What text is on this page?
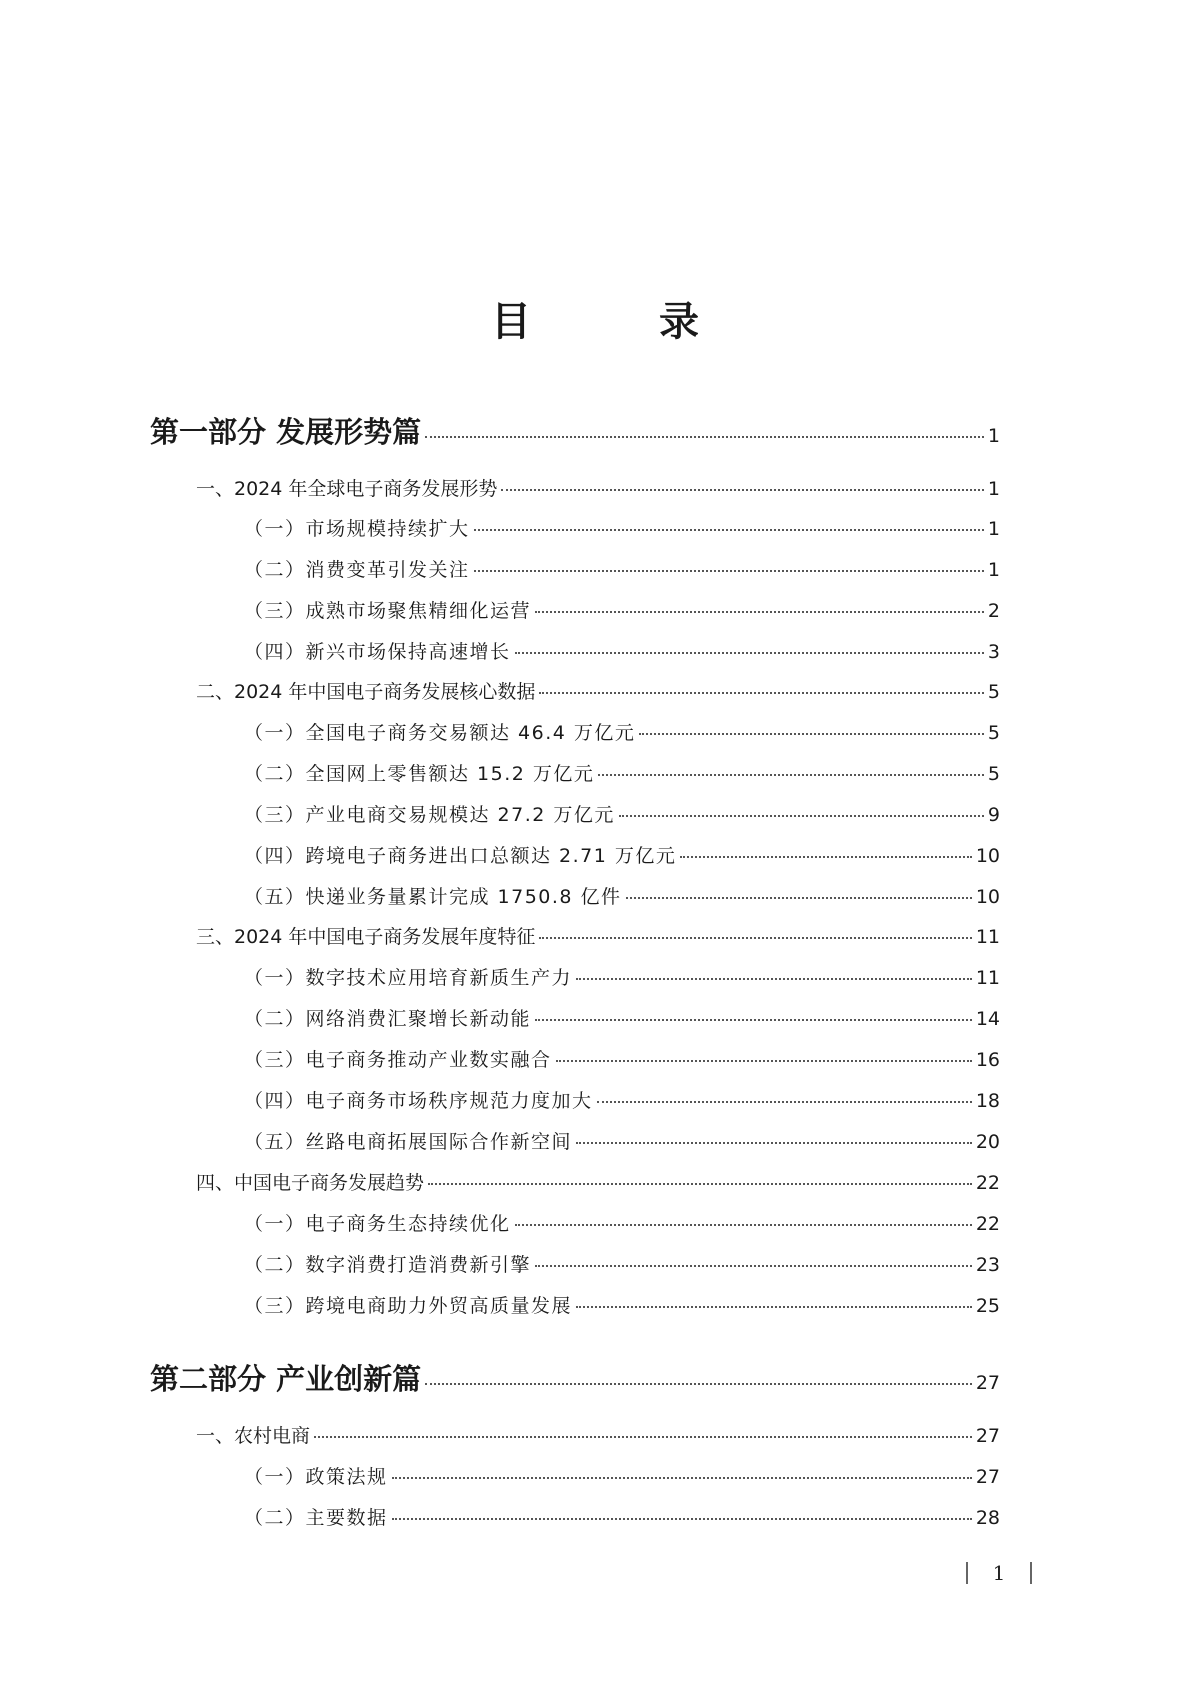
目　录
第一部分 发展形势篇	1
一、2024 年全球电子商务发展形势	1
（一）市场规模持续扩大	1
（二）消费变革引发关注	1
（三）成熟市场聚焦精细化运营	2
（四）新兴市场保持高速增长	3
二、2024 年中国电子商务发展核心数据	5
（一）全国电子商务交易额达 46.4 万亿元	5
（二）全国网上零售额达 15.2 万亿元	5
（三）产业电商交易规模达 27.2 万亿元	9
（四）跨境电子商务进出口总额达 2.71 万亿元	10
（五）快递业务量累计完成 1750.8 亿件	10
三、2024 年中国电子商务发展年度特征	11
（一）数字技术应用培育新质生产力	11
（二）网络消费汇聚增长新动能	14
（三）电子商务推动产业数实融合	16
（四）电子商务市场秩序规范力度加大	18
（五）丝路电商拓展国际合作新空间	20
四、中国电子商务发展趋势	22
（一）电子商务生态持续优化	22
（二）数字消费打造消费新引擎	23
（三）跨境电商助力外贸高质量发展	25
第二部分 产业创新篇	27
一、农村电商	27
（一）政策法规	27
（二）主要数据	28
1
